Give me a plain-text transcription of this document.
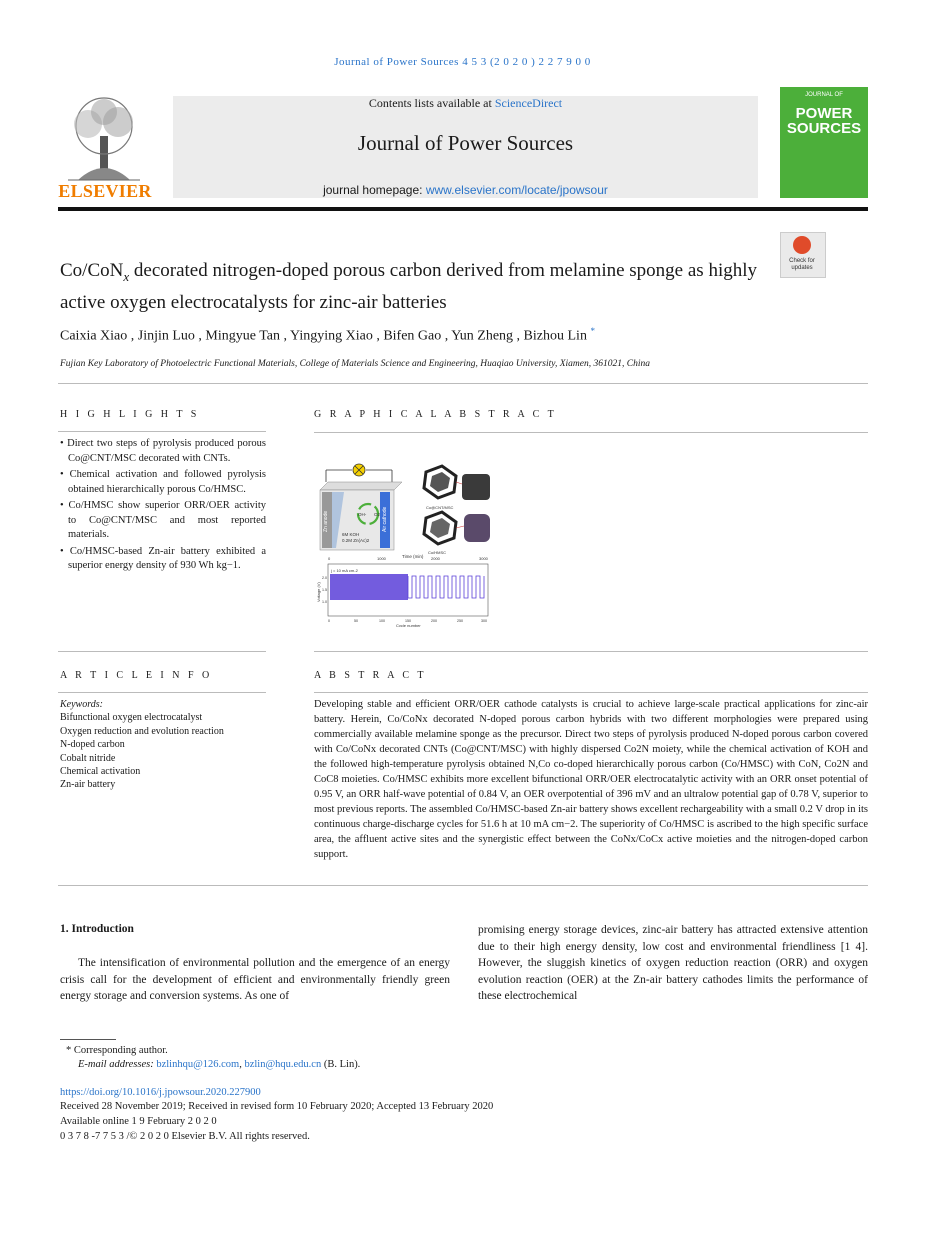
Journal of Power Sources 4 5 3 (2 0 2 0 ) 2 2 7 9 0 0
ELSEVIER
Contents lists available at ScienceDirect
Journal of Power Sources
journal homepage: www.elsevier.com/locate/jpowsour
JOURNAL OF
POWER
SOURCES
Check for
updates
Co/CoN$_x$ decorated nitrogen-doped porous carbon derived from melamine sponge as highly active oxygen electrocatalysts for zinc-air batteries
Caixia Xiao , Jinjin Luo , Mingyue Tan , Yingying Xiao , Bifen Gao , Yun Zheng , Bizhou Lin *
Fujian Key Laboratory of Photoelectric Functional Materials, College of Materials Science and Engineering, Huaqiao University, Xiamen, 361021, China
H I G H L I G H T S
• Direct two steps of pyrolysis produced porous Co@CNT/MSC decorated with CNTs.
• Chemical activation and followed pyrolysis obtained hierarchically porous Co/HMSC.
• Co/HMSC show superior ORR/OER activity to Co@CNT/MSC and most reported materials.
• Co/HMSC-based Zn-air battery exhibited a superior energy density of 930 Wh kg−1.
G R A P H I C A L A B S T R A C T
Zn anode	Air cathode
OH- O2
6M KOH
0.2M Zn(Ac)2
Co@CNT/MSC
Co/HMSC
Time (min)
0	1000	2000	3000
j = 10 mA cm-2
Voltage (V)
2.0
1.5
1.0
0	50	100	150	200	250	300
Cycle number
A R T I C L E I N F O
Keywords:
Bifunctional oxygen electrocatalyst
Oxygen reduction and evolution reaction
N-doped carbon
Cobalt nitride
Chemical activation
Zn-air battery
A B S T R A C T
Developing stable and efficient ORR/OER cathode catalysts is crucial to achieve large-scale practical applications for zinc-air battery. Herein, Co/CoNx decorated N-doped porous carbon hybrids with two different morphologies were prepared using commercially available melamine sponge as the precursor. Direct two steps of pyrolysis produced N-doped porous carbon covered with Co/CoNx decorated CNTs (Co@CNT/MSC) with highly dispersed Co2N moiety, while the chemical activation of KOH and the followed high-temperature pyrolysis obtained N,Co co-doped hierarchically porous carbon (Co/HMSC) with CoN, Co2N and CoC8 moieties. Co/HMSC exhibits more excellent bifunctional ORR/OER electrocatalytic activity with an ORR onset potential of 0.95 V, an ORR half-wave potential of 0.84 V, an OER overpotential of 396 mV and an ultralow potential gap of 0.78 V, superior to most previous reports. The assembled Co/HMSC-based Zn-air battery shows excellent rechargeability with a small 0.2 V drop in its continuous charge-discharge cycles for 51.6 h at 10 mA cm−2. The superiority of Co/HMSC is ascribed to the high specific surface area, the affluent active sites and the synergistic effect between the CoNx/CoCx active moieties and the nitrogen-doped carbon support.
1. Introduction
The intensification of environmental pollution and the emergence of an energy crisis call for the development of efficient and environmentally friendly green energy storage and conversion systems. As one of
promising energy storage devices, zinc-air battery has attracted extensive attention due to their high energy density, low cost and environmental friendliness [1 4]. However, the sluggish kinetics of oxygen reduction reaction (ORR) and oxygen evolution reaction (OER) at the Zn-air battery cathodes limits the performance of these electrochemical
* Corresponding author.
E-mail addresses: bzlinhqu@126.com, bzlin@hqu.edu.cn (B. Lin).
https://doi.org/10.1016/j.jpowsour.2020.227900
Received 28 November 2019; Received in revised form 10 February 2020; Accepted 13 February 2020
Available online 1 9 February 2 0 2 0
0 3 7 8 -7 7 5 3 /© 2 0 2 0 Elsevier B.V. All rights reserved.
